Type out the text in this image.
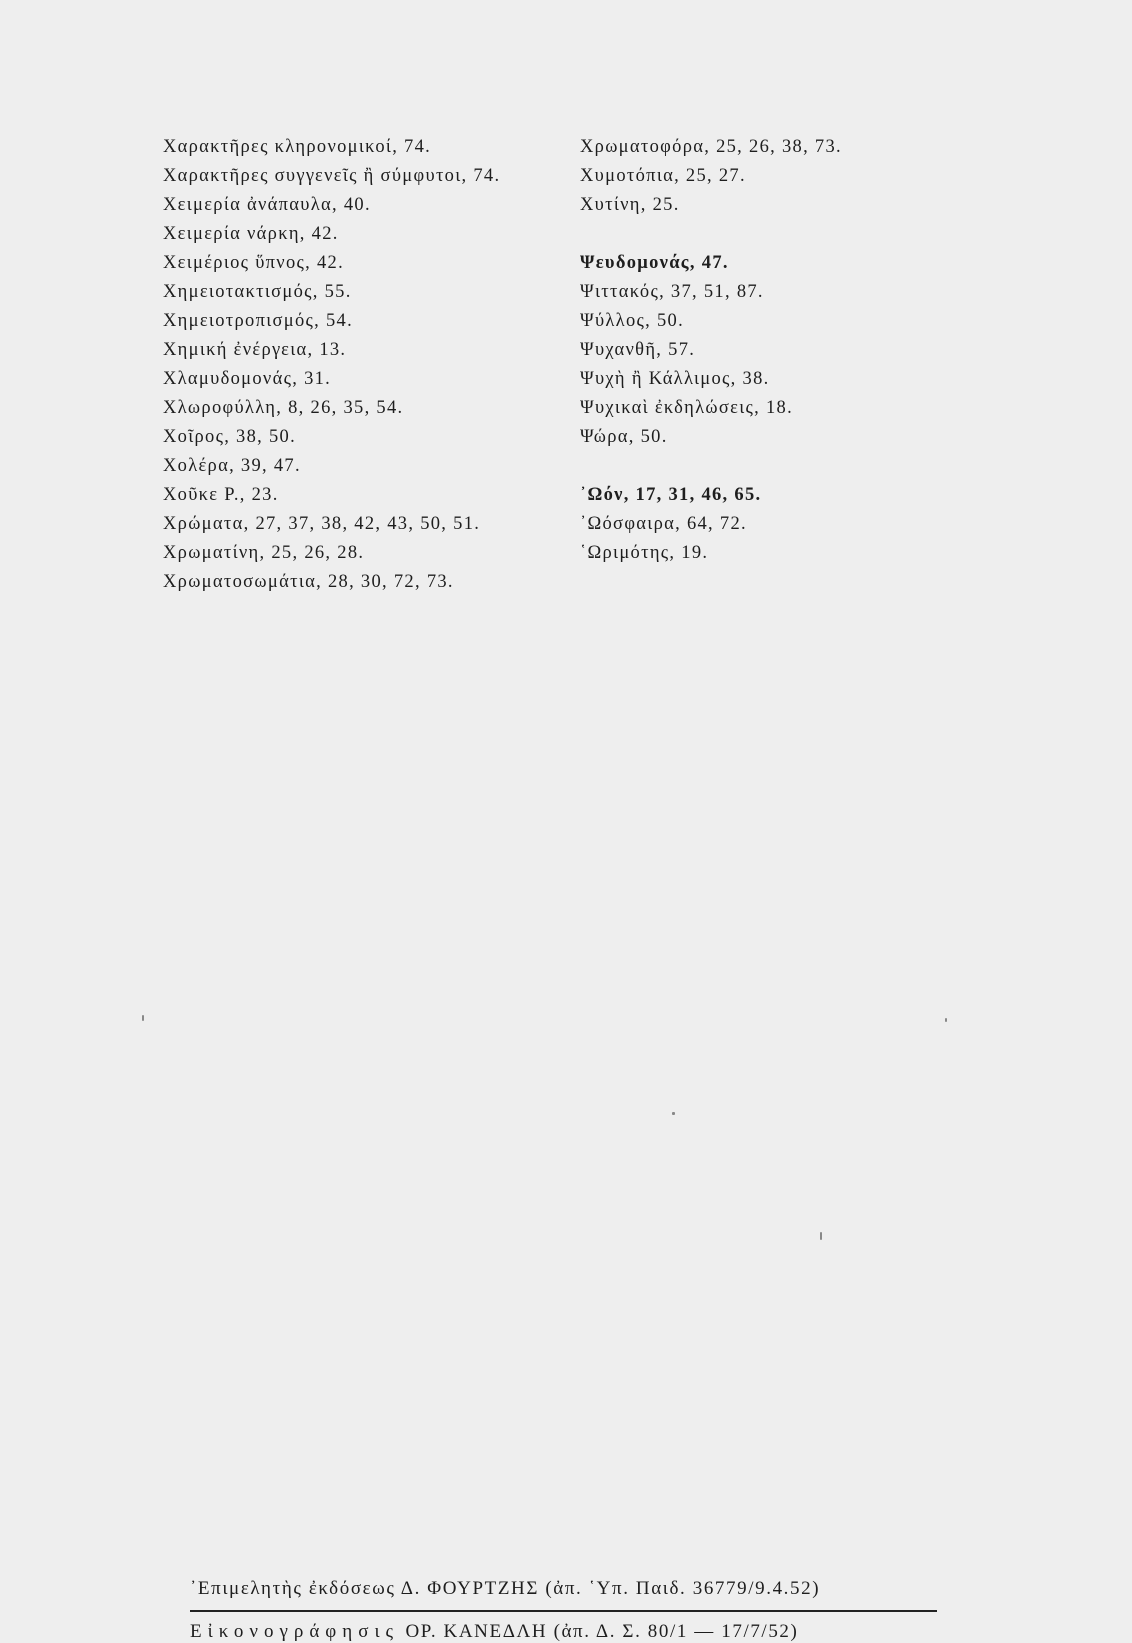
Χαρακτῆρες κληρονομικοί, 74.
Χαρακτῆρες συγγενεῖς ἢ σύμφυτοι, 74.
Χειμερία ἀνάπαυλα, 40.
Χειμερία νάρκη, 42.
Χειμέριος ὕπνος, 42.
Χημειοτακτισμός, 55.
Χημειοτροπισμός, 54.
Χημική ἐνέργεια, 13.
Χλαμυδομονάς, 31.
Χλωροφύλλη, 8, 26, 35, 54.
Χοῖρος, 38, 50.
Χολέρα, 39, 47.
Χοῦκε Ρ., 23.
Χρώματα, 27, 37, 38, 42, 43, 50, 51.
Χρωματίνη, 25, 26, 28.
Χρωματοσωμάτια, 28, 30, 72, 73.
Χρωματοφόρα, 25, 26, 38, 73.
Χυμοτόπια, 25, 27.
Χυτίνη, 25.
Ψευδομονάς, 47.
Ψιττακός, 37, 51, 87.
Ψύλλος, 50.
Ψυχανθῆ, 57.
Ψυχὴ ἢ Κάλλιμος, 38.
Ψυχικαὶ ἐκδηλώσεις, 18.
Ψώρα, 50.
᾿Ωόν, 17, 31, 46, 65.
᾿Ωόσφαιρα, 64, 72.
῾Ωριμότης, 19.
᾿Επιμελητὴς ἐκδόσεως Δ. ΦΟΥΡΤΖΗΣ (ἀπ. ῾Υπ. Παιδ. 36779/9.4.52)
Εἰκονογράφησις ΟΡ. ΚΑΝΕΔΛΗ (ἀπ. Δ. Σ. 80/1 — 17/7/52)
